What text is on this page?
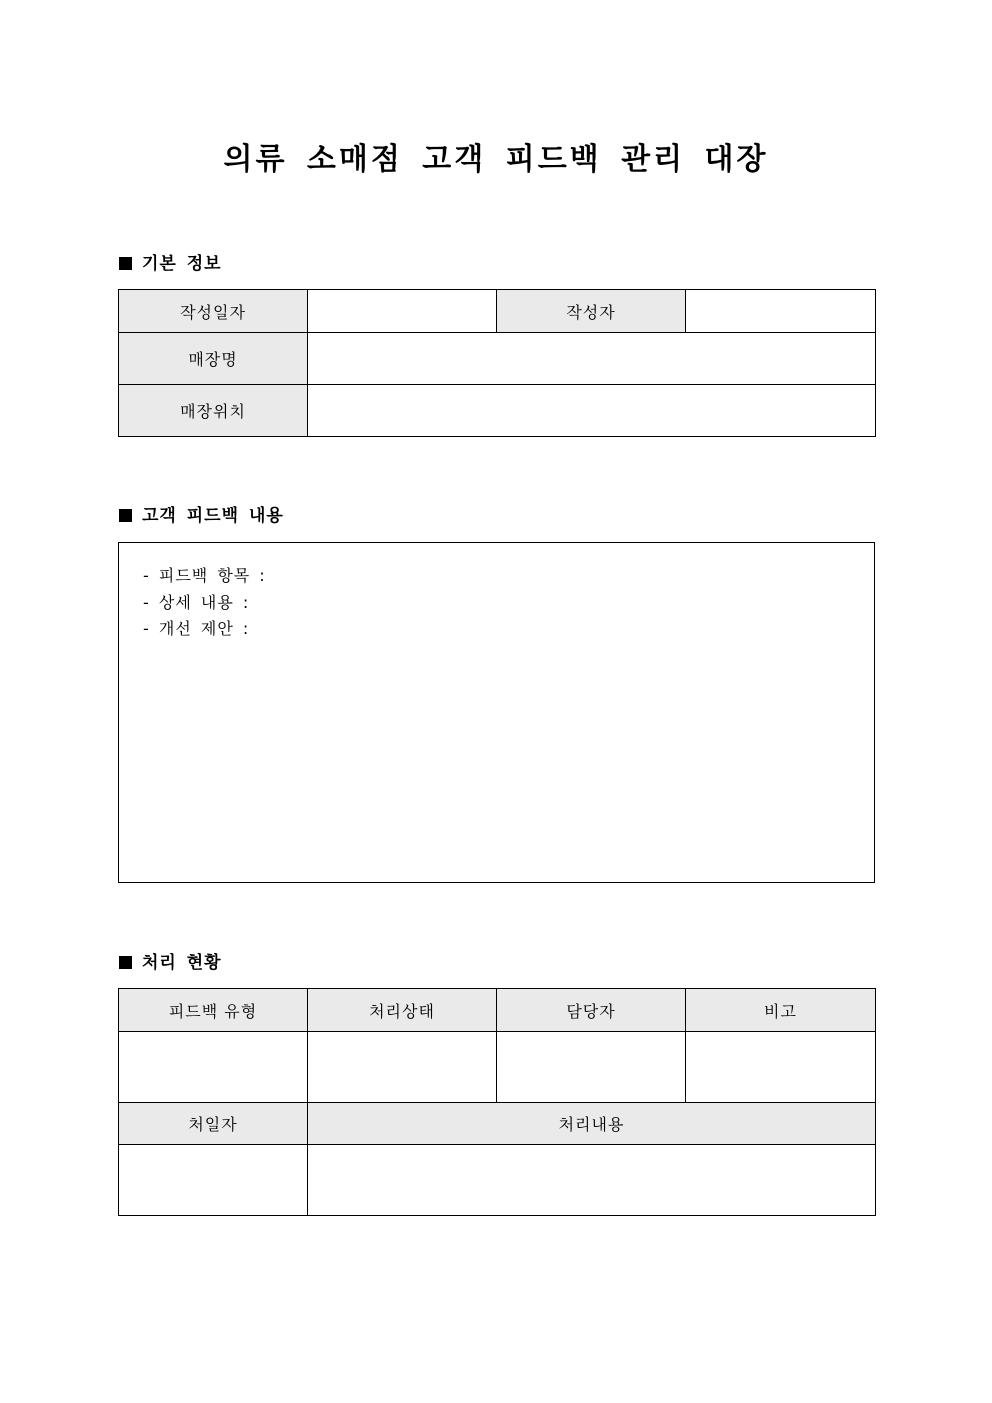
의류 소매점 고객 피드백 관리 대장
기본 정보
작성일자		작성자	
매장명			
매장위치			
고객 피드백 내용
- 피드백 항목 :
- 상세 내용 :
- 개선 제안 :
처리 현황
피드백 유형	처리상태	담당자	비고

처일자	처리내용		
